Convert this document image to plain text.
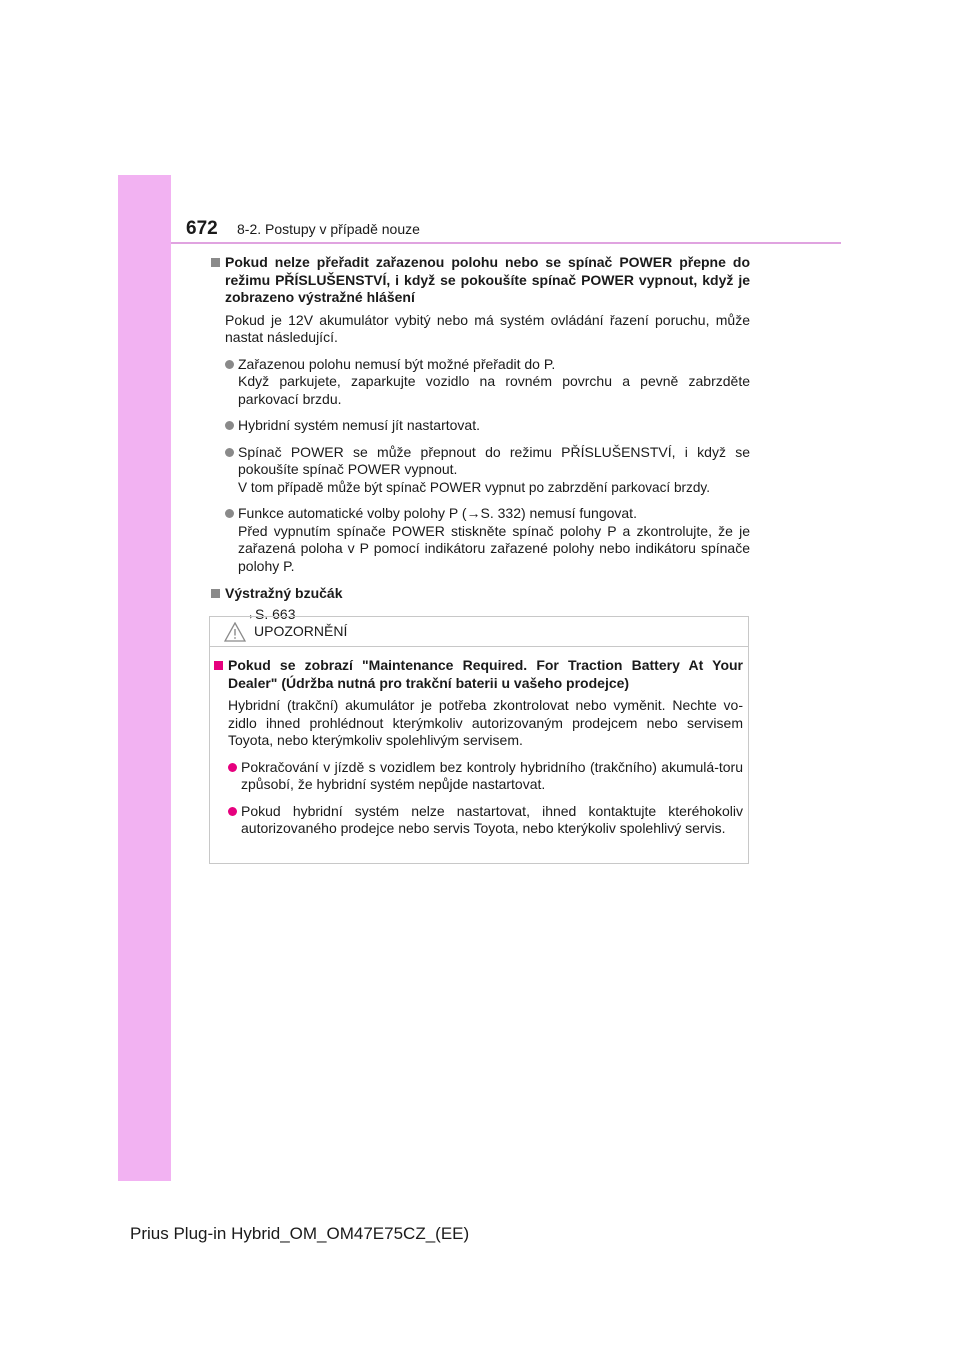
672 8-2. Postupy v případě nouze
Pokud nelze přeřadit zařazenou polohu nebo se spínač POWER přepne do režimu PŘÍSLUŠENSTVÍ, i když se pokoušíte spínač POWER vypnout, když je zobrazeno výstražné hlášení
Pokud je 12V akumulátor vybitý nebo má systém ovládání řazení poruchu, může nastat následující.
Zařazenou polohu nemusí být možné přeřadit do P.
Když parkujete, zaparkujte vozidlo na rovném povrchu a pevně zabrzděte parkovací brzdu.
Hybridní systém nemusí jít nastartovat.
Spínač POWER se může přepnout do režimu PŘÍSLUŠENSTVÍ, i když se pokoušíte spínač POWER vypnout.
V tom případě může být spínač POWER vypnut po zabrzdění parkovací brzdy.
Funkce automatické volby polohy P (→S. 332) nemusí fungovat.
Před vypnutím spínače POWER stiskněte spínač polohy P a zkontrolujte, že je zařazená poloha v P pomocí indikátoru zařazené polohy nebo indikátoru spínače polohy P.
Výstražný bzučák
→S. 663
UPOZORNĚNÍ
Pokud se zobrazí "Maintenance Required. For Traction Battery At Your Dealer" (Údržba nutná pro trakční baterii u vašeho prodejce)
Hybridní (trakční) akumulátor je potřeba zkontrolovat nebo vyměnit. Nechte vo-zidlo ihned prohlédnout kterýmkoliv autorizovaným prodejcem nebo servisem Toyota, nebo kterýmkoliv spolehlivým servisem.
Pokračování v jízdě s vozidlem bez kontroly hybridního (trakčního) akumulá-toru způsobí, že hybridní systém nepůjde nastartovat.
Pokud hybridní systém nelze nastartovat, ihned kontaktujte kteréhokoliv autorizovaného prodejce nebo servis Toyota, nebo kterýkoliv spolehlivý servis.
Prius Plug-in Hybrid_OM_OM47E75CZ_(EE)
